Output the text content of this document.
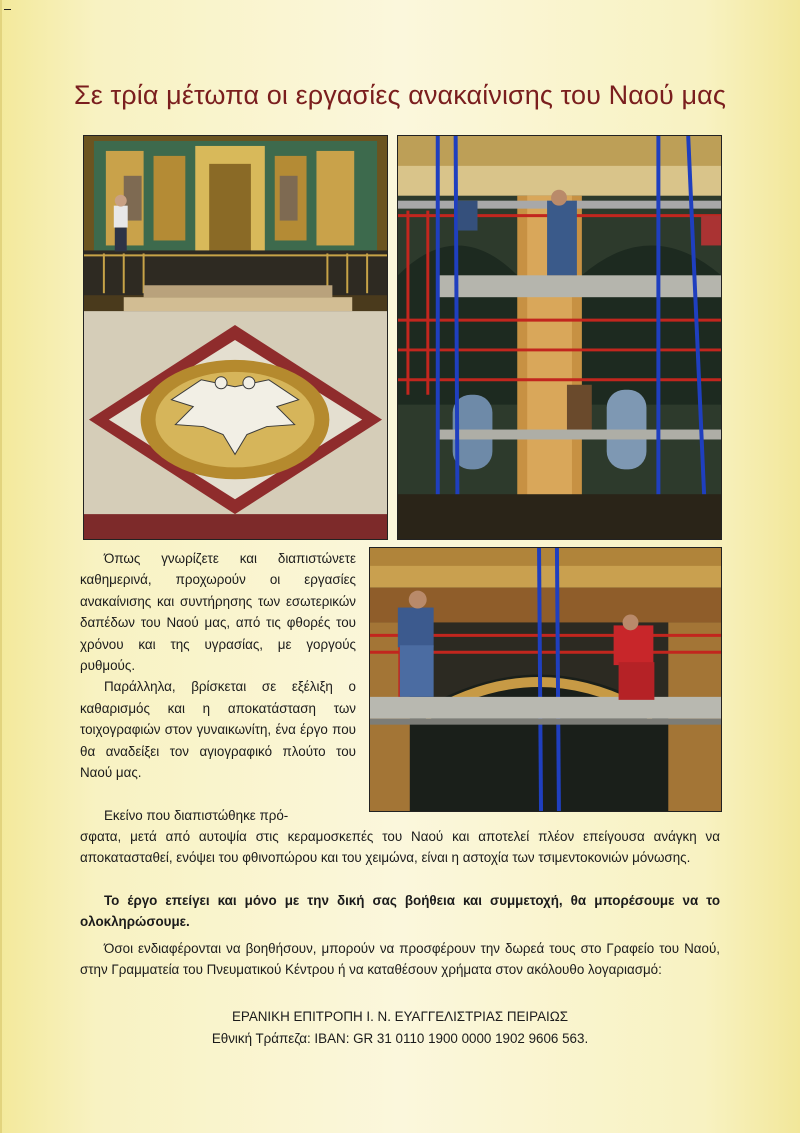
Σε τρία μέτωπα οι εργασίες ανακαίνισης του Ναού μας

Όπως γνωρίζετε και διαπιστώνετε καθημερινά, προχωρούν οι εργασίες ανακαίνισης και συντήρησης των εσωτερικών δαπέδων του Ναού μας, από τις φθορές του χρόνου και της υγρασίας, με γοργούς ρυθμούς.

Παράλληλα, βρίσκεται σε εξέλιξη ο καθαρισμός και η αποκατάσταση των τοιχογραφιών στον γυναικωνίτη, ένα έργο που θα αναδείξει τον αγιογραφικό πλούτο του Ναού μας.

Εκείνο που διαπιστώθηκε πρό-

σφατα, μετά από αυτοψία στις κεραμοσκεπές του Ναού και αποτελεί πλέον επείγουσα ανάγκη να αποκατασταθεί, ενόψει του φθινοπώρου και του χειμώνα, είναι η αστοχία των τσιμεντοκονιών μόνωσης.

Το έργο επείγει και μόνο με την δική σας βοήθεια και συμμετοχή, θα μπορέσουμε να το ολοκληρώσουμε.

Όσοι ενδιαφέρονται να βοηθήσουν, μπορούν να προσφέρουν την δωρεά τους στο Γραφείο του Ναού, στην Γραμματεία του Πνευματικού Κέντρου ή να καταθέσουν χρήματα στον ακόλουθο λογαριασμό:

ΕΡΑΝΙΚΗ ΕΠΙΤΡΟΠΗ Ι. Ν. ΕΥΑΓΓΕΛΙΣΤΡΙΑΣ ΠΕΙΡΑΙΩΣ
Εθνική Τράπεζα: IBAN: GR 31 0110 1900 0000 1902 9606 563.
